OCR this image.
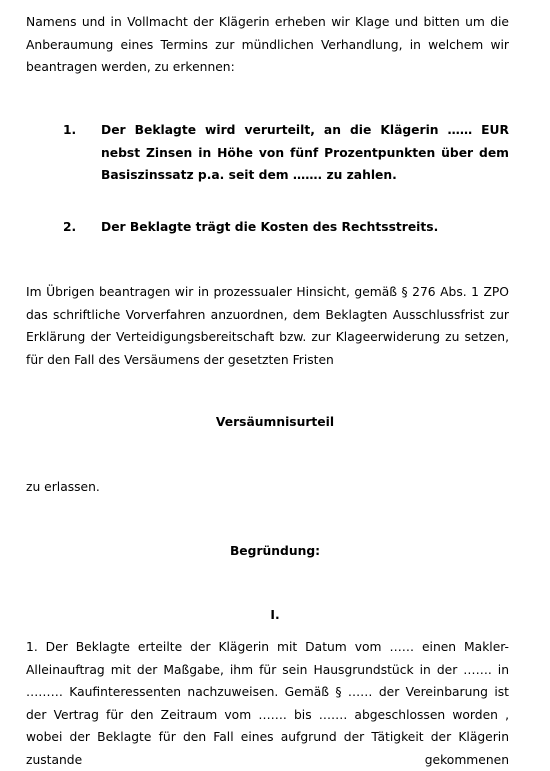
Namens und in Vollmacht der Klägerin erheben wir Klage und bitten um die Anberaumung eines Termins zur mündlichen Verhandlung, in welchem wir beantragen werden, zu erkennen:
1. Der Beklagte wird verurteilt, an die Klägerin …… EUR nebst Zinsen in Höhe von fünf Prozentpunkten über dem Basiszinssatz p.a. seit dem ……. zu zahlen.
2. Der Beklagte trägt die Kosten des Rechtsstreits.
Im Übrigen beantragen wir in prozessualer Hinsicht, gemäß § 276 Abs. 1 ZPO das schriftliche Vorverfahren anzuordnen, dem Beklagten Ausschlussfrist zur Erklärung der Verteidigungsbereitschaft bzw. zur Klageerwiderung zu setzen, für den Fall des Versäumens der gesetzten Fristen
Versäumnisurteil
zu erlassen.
Begründung:
I.
1. Der Beklagte erteilte der Klägerin mit Datum vom …… einen Makler-Alleinauftrag mit der Maßgabe, ihm für sein Hausgrundstück in der ……. in ……… Kaufinteressenten nachzuweisen. Gemäß § …… der Vereinbarung ist der Vertrag für den Zeitraum vom ……. bis ……. abgeschlossen worden , wobei der Beklagte für den Fall eines aufgrund der Tätigkeit der Klägerin zustande gekommenen
